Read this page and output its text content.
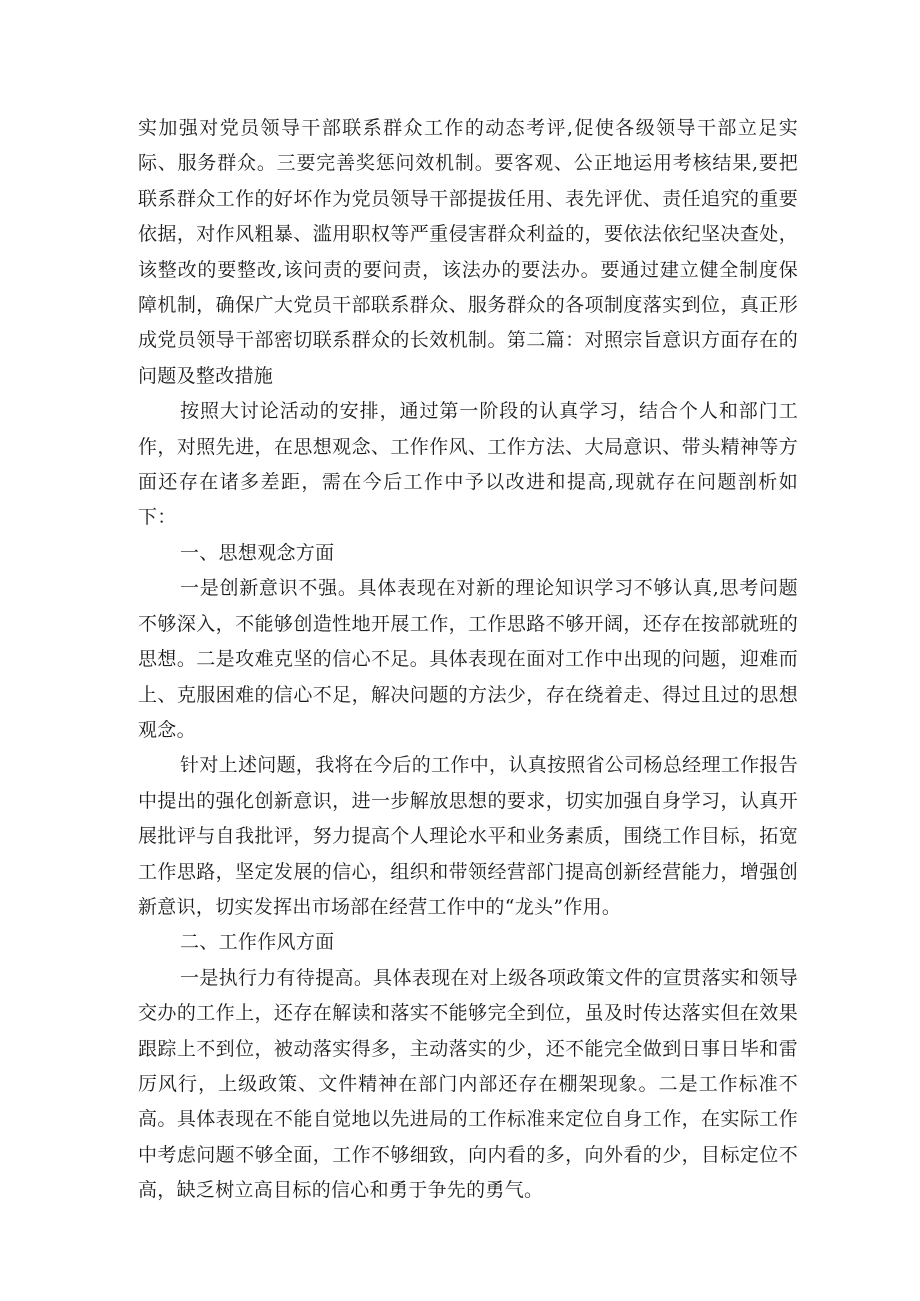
实加强对党员领导干部联系群众工作的动态考评,促使各级领导干部立足实际、服务群众。三要完善奖惩问效机制。要客观、公正地运用考核结果,要把联系群众工作的好坏作为党员领导干部提拔任用、表先评优、责任追究的重要依据，对作风粗暴、滥用职权等严重侵害群众利益的，要依法依纪坚决查处，该整改的要整改,该问责的要问责，该法办的要法办。要通过建立健全制度保障机制，确保广大党员干部联系群众、服务群众的各项制度落实到位，真正形成党员领导干部密切联系群众的长效机制。第二篇：对照宗旨意识方面存在的问题及整改措施

按照大讨论活动的安排，通过第一阶段的认真学习，结合个人和部门工作，对照先进，在思想观念、工作作风、工作方法、大局意识、带头精神等方面还存在诸多差距，需在今后工作中予以改进和提高,现就存在问题剖析如下：

一、思想观念方面

一是创新意识不强。具体表现在对新的理论知识学习不够认真,思考问题不够深入，不能够创造性地开展工作，工作思路不够开阔，还存在按部就班的思想。二是攻难克坚的信心不足。具体表现在面对工作中出现的问题，迎难而上、克服困难的信心不足，解决问题的方法少，存在绕着走、得过且过的思想观念。

针对上述问题，我将在今后的工作中，认真按照省公司杨总经理工作报告中提出的强化创新意识，进一步解放思想的要求，切实加强自身学习，认真开展批评与自我批评，努力提高个人理论水平和业务素质，围绕工作目标，拓宽工作思路，坚定发展的信心，组织和带领经营部门提高创新经营能力，增强创新意识，切实发挥出市场部在经营工作中的“龙头”作用。

二、工作作风方面

一是执行力有待提高。具体表现在对上级各项政策文件的宣贯落实和领导交办的工作上，还存在解读和落实不能够完全到位，虽及时传达落实但在效果跟踪上不到位，被动落实得多，主动落实的少，还不能完全做到日事日毕和雷厉风行，上级政策、文件精神在部门内部还存在棚架现象。二是工作标准不高。具体表现在不能自觉地以先进局的工作标准来定位自身工作，在实际工作中考虑问题不够全面，工作不够细致，向内看的多，向外看的少，目标定位不高，缺乏树立高目标的信心和勇于争先的勇气。
